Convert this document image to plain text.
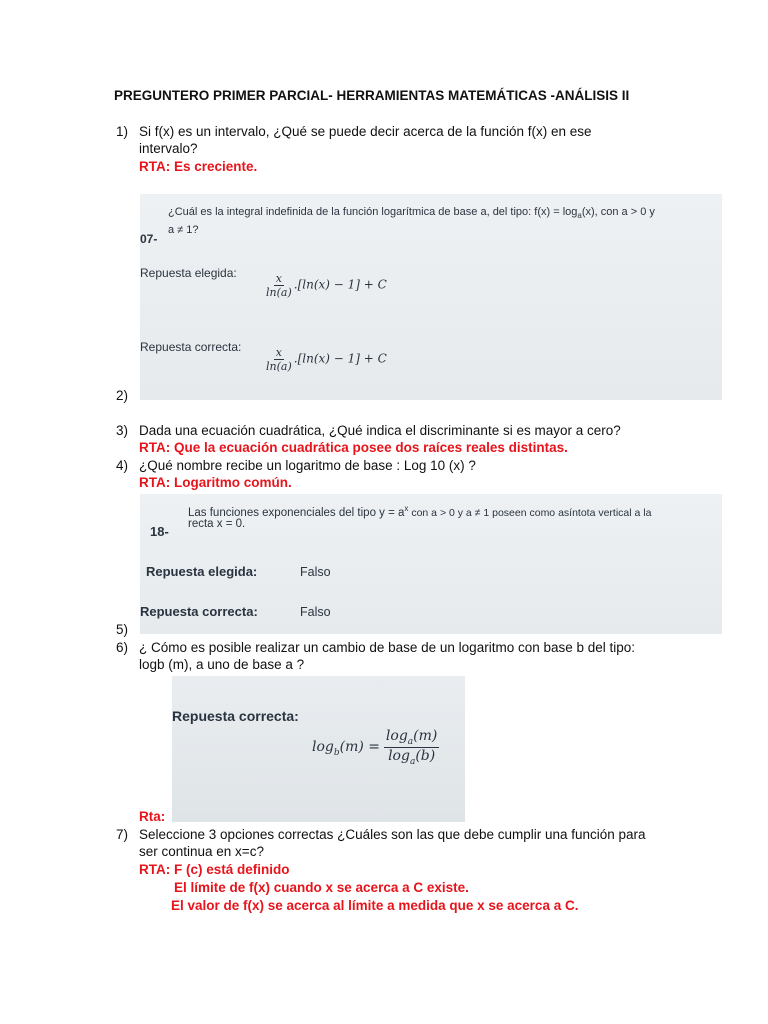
PREGUNTERO PRIMER PARCIAL- HERRAMIENTAS MATEMÁTICAS -ANÁLISIS II
1) Si f(x) es un intervalo, ¿Qué se puede decir acerca de la función f(x) en ese
intervalo?
RTA: Es creciente.
¿Cuál es la integral indefinida de la función logarítmica de base a, del tipo: $f(x) = \log_a(x)$, con a > 0 y
a ≠ 1?
07-
Repuesta elegida: $\frac{x}{\ln(a)} .[\ln(x) - 1] + C$
Repuesta correcta: $\frac{x}{\ln(a)} .[\ln(x) - 1] + C$
2)
3) Dada una ecuación cuadrática, ¿Qué indica el discriminante si es mayor a cero?
RTA: Que la ecuación cuadrática posee dos raíces reales distintas.
4) ¿Qué nombre recibe un logaritmo de base : Log 10 (x) ?
RTA: Logaritmo común.
Las funciones exponenciales del tipo $y = a^x$ con a > 0 y a ≠ 1 poseen como asíntota vertical a la
recta x = 0.
18-
Repuesta elegida:	Falso
Repuesta correcta:	Falso
5)
6) ¿ Cómo es posible realizar un cambio de base de un logaritmo con base b del tipo:
logb (m), a uno de base a ?
Repuesta correcta:
$\log_b(m) = \frac{\log_a(m)}{\log_a(b)}$
Rta:
7) Seleccione 3 opciones correctas ¿Cuáles son las que debe cumplir una función para
ser continua en x=c?
RTA: F (c) está definido
El límite de f(x) cuando x se acerca a C existe.
El valor de f(x) se acerca al límite a medida que x se acerca a C.
